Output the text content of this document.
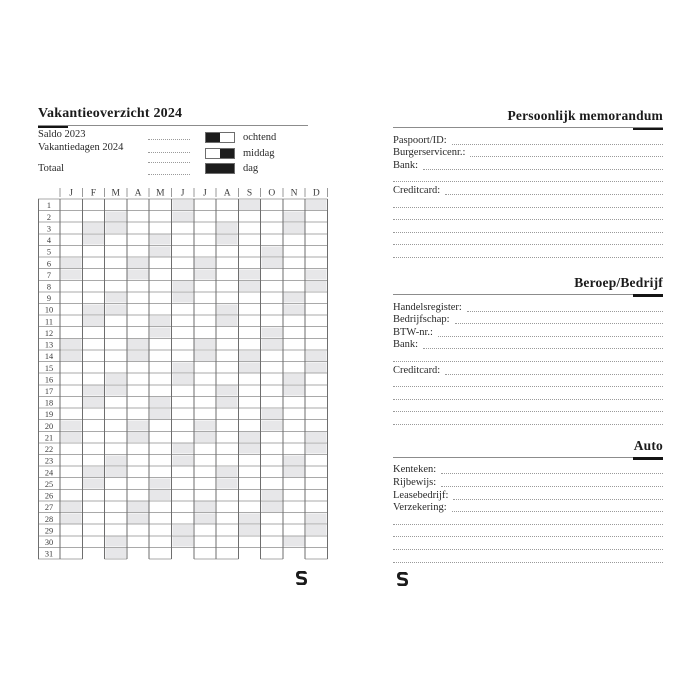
Vakantieoverzicht 2024
Saldo 2023
Vakantiedagen 2024
Totaal
ochtend
middag
dag
J F M A M J J A S O N D
1
2
3
4
5
6
7
8
9
10
11
12
13
14
15
16
17
18
19
20
21
22
23
24
25
26
27
28
29
30
31
Persoonlijk memorandum
Paspoort/ID:
Burgerservicenr.:
Bank:
Creditcard:
Beroep/Bedrijf
Handelsregister:
Bedrijfschap:
BTW-nr.:
Bank:
Creditcard:
Auto
Kenteken:
Rijbewijs:
Leasebedrijf:
Verzekering:
